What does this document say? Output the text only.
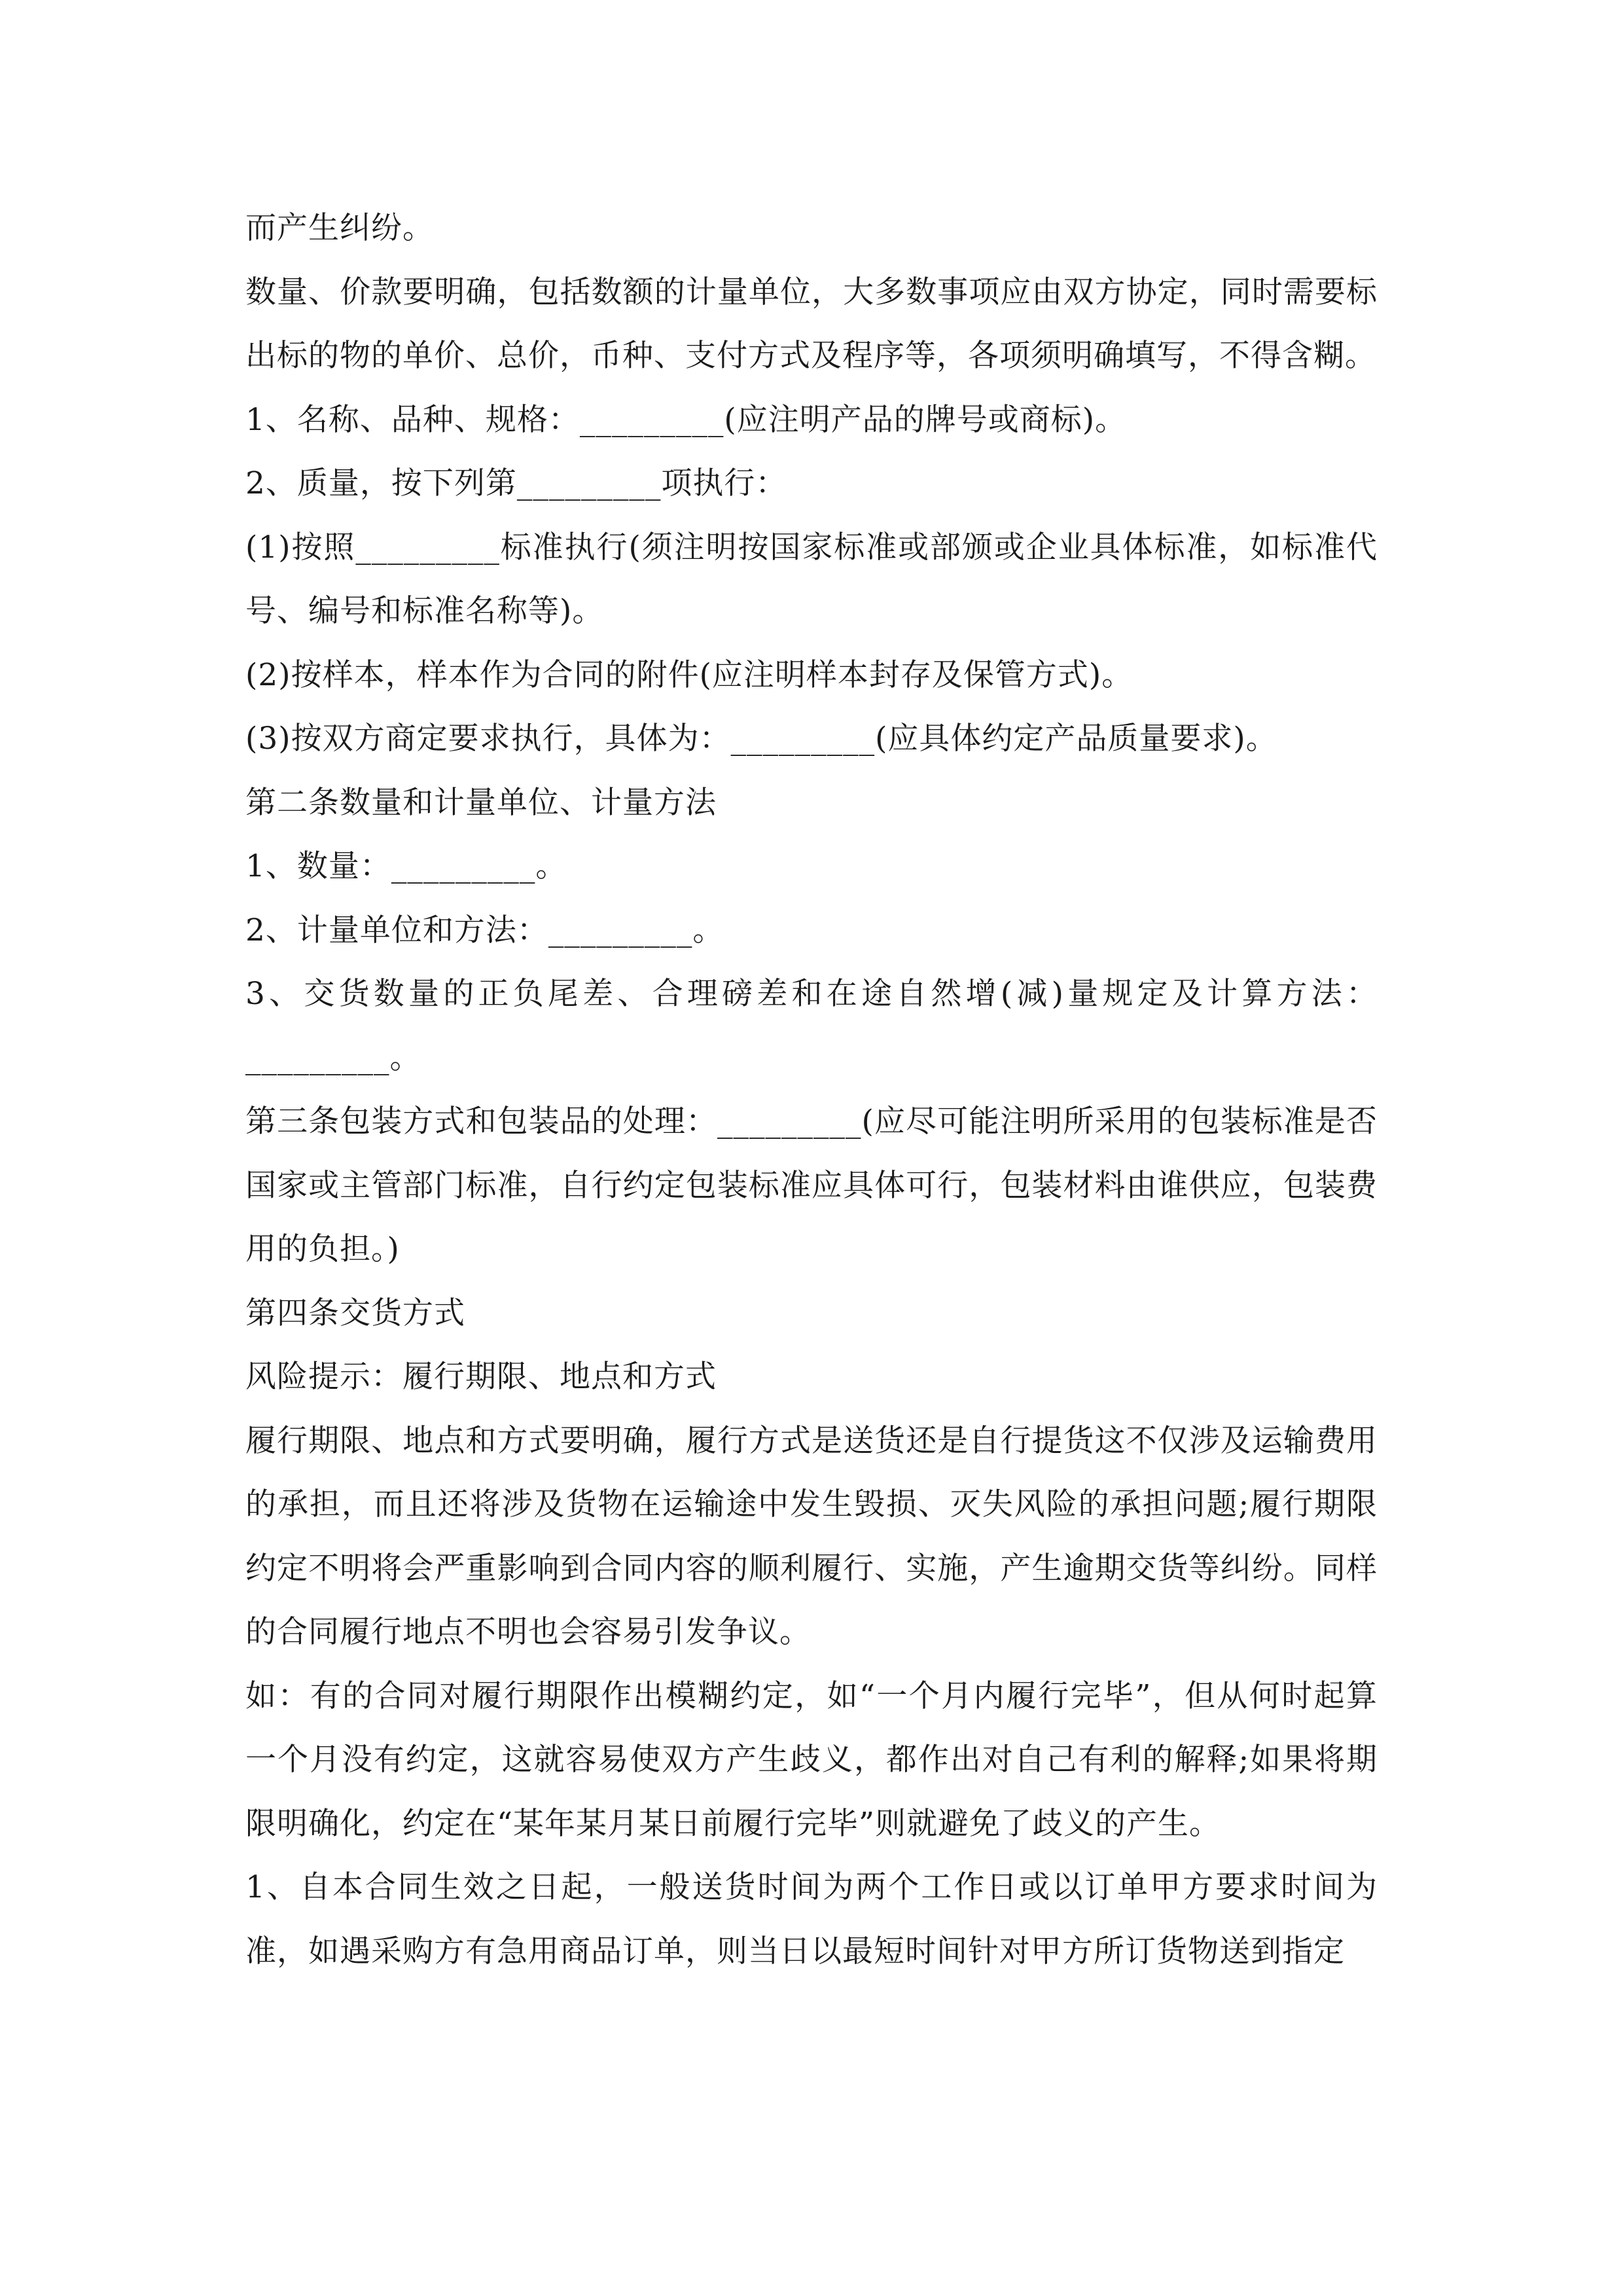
而产生纠纷。

数量、价款要明确，包括数额的计量单位，大多数事项应由双方协定，同时需要标出标的物的单价、总价，币种、支付方式及程序等，各项须明确填写，不得含糊。

1、名称、品种、规格：_________(应注明产品的牌号或商标)。

2、质量，按下列第_________项执行：

(1)按照_________标准执行(须注明按国家标准或部颁或企业具体标准，如标准代号、编号和标准名称等)。

(2)按样本，样本作为合同的附件(应注明样本封存及保管方式)。

(3)按双方商定要求执行，具体为：_________(应具体约定产品质量要求)。

第二条数量和计量单位、计量方法

1、数量：_________。

2、计量单位和方法：_________。

3、交货数量的正负尾差、合理磅差和在途自然增(减)量规定及计算方法：_________。

第三条包装方式和包装品的处理：_________(应尽可能注明所采用的包装标准是否国家或主管部门标准，自行约定包装标准应具体可行，包装材料由谁供应，包装费用的负担。)

第四条交货方式

风险提示：履行期限、地点和方式

履行期限、地点和方式要明确，履行方式是送货还是自行提货这不仅涉及运输费用的承担，而且还将涉及货物在运输途中发生毁损、灭失风险的承担问题;履行期限约定不明将会严重影响到合同内容的顺利履行、实施，产生逾期交货等纠纷。同样的合同履行地点不明也会容易引发争议。

如：有的合同对履行期限作出模糊约定，如“一个月内履行完毕”，但从何时起算一个月没有约定，这就容易使双方产生歧义，都作出对自己有利的解释;如果将期限明确化，约定在“某年某月某日前履行完毕”则就避免了歧义的产生。

1、自本合同生效之日起，一般送货时间为两个工作日或以订单甲方要求时间为准，如遇采购方有急用商品订单，则当日以最短时间针对甲方所订货物送到指定
